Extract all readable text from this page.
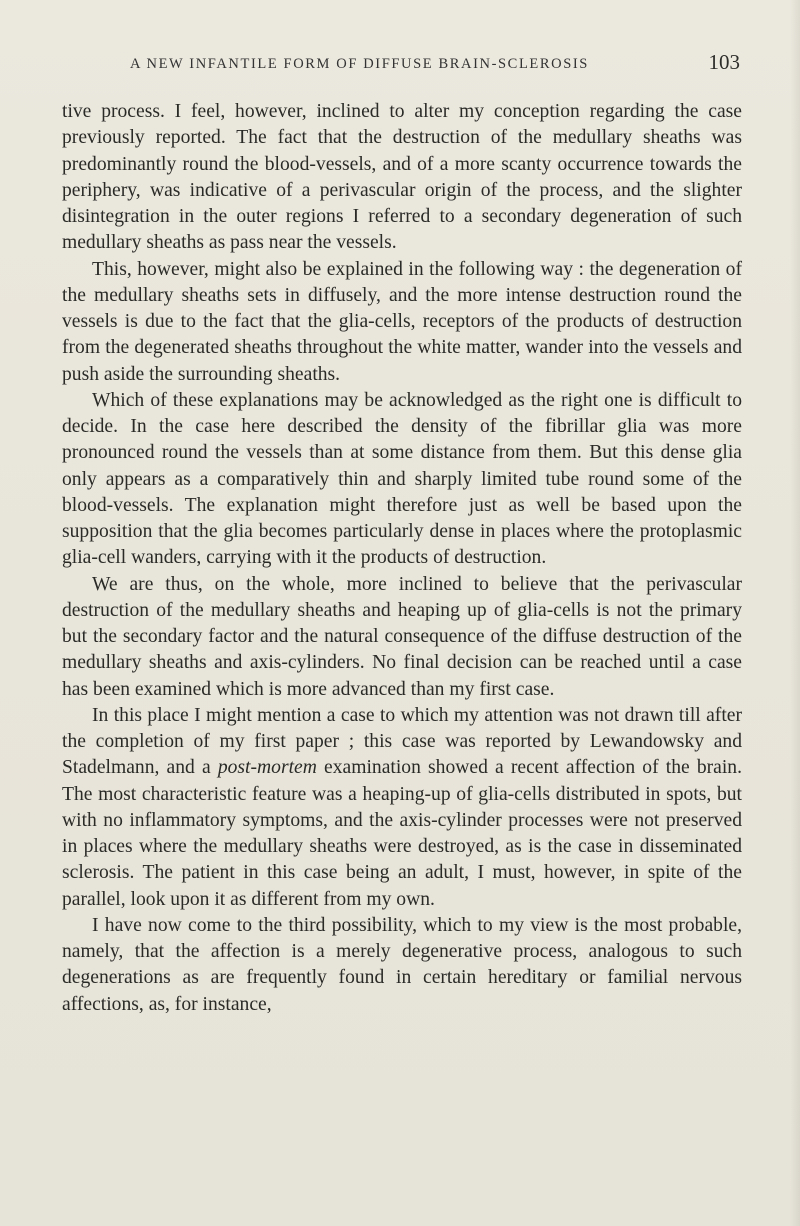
A NEW INFANTILE FORM OF DIFFUSE BRAIN-SCLEROSIS	103

tive process. I feel, however, inclined to alter my conception regarding the case previously reported. The fact that the destruction of the medullary sheaths was predominantly round the blood-vessels, and of a more scanty occurrence towards the periphery, was indicative of a perivascular origin of the process, and the slighter disintegration in the outer regions I referred to a secondary degeneration of such medullary sheaths as pass near the vessels.

This, however, might also be explained in the following way : the degeneration of the medullary sheaths sets in diffusely, and the more intense destruction round the vessels is due to the fact that the glia-cells, receptors of the products of destruction from the degenerated sheaths throughout the white matter, wander into the vessels and push aside the surrounding sheaths.

Which of these explanations may be acknowledged as the right one is difficult to decide. In the case here described the density of the fibrillar glia was more pronounced round the vessels than at some distance from them. But this dense glia only appears as a comparatively thin and sharply limited tube round some of the blood-vessels. The explanation might therefore just as well be based upon the supposition that the glia becomes particularly dense in places where the protoplasmic glia-cell wanders, carrying with it the products of destruction.

We are thus, on the whole, more inclined to believe that the perivascular destruction of the medullary sheaths and heaping up of glia-cells is not the primary but the secondary factor and the natural consequence of the diffuse destruction of the medullary sheaths and axis-cylinders. No final decision can be reached until a case has been examined which is more advanced than my first case.

In this place I might mention a case to which my attention was not drawn till after the completion of my first paper ; this case was reported by Lewandowsky and Stadelmann, and a post-mortem examination showed a recent affection of the brain. The most characteristic feature was a heaping-up of glia-cells distributed in spots, but with no inflammatory symptoms, and the axis-cylinder processes were not preserved in places where the medullary sheaths were destroyed, as is the case in disseminated sclerosis. The patient in this case being an adult, I must, however, in spite of the parallel, look upon it as different from my own.

I have now come to the third possibility, which to my view is the most probable, namely, that the affection is a merely degenerative process, analogous to such degenerations as are frequently found in certain hereditary or familial nervous affections, as, for instance,
